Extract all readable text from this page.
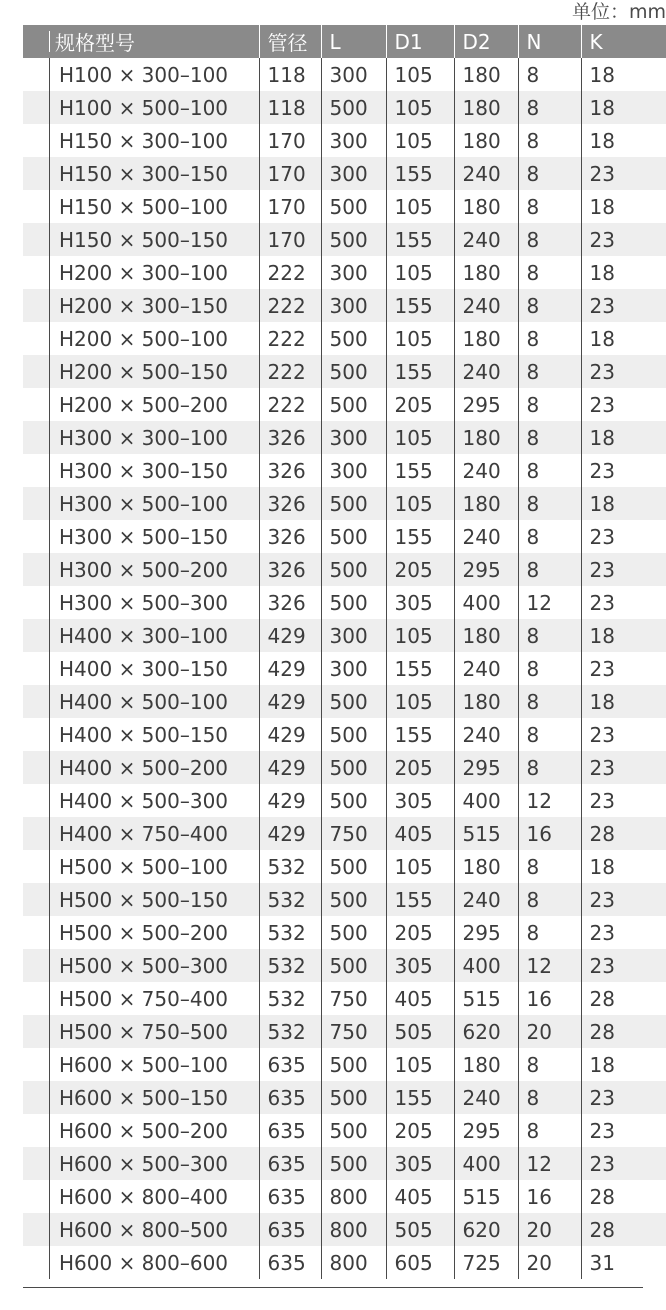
单位：mm
规格型号	管径	L	D1	D2	N	K
H100 × 300–100	118	300	105	180	8	18
H100 × 500–100	118	500	105	180	8	18
H150 × 300–100	170	300	105	180	8	18
H150 × 300–150	170	300	155	240	8	23
H150 × 500–100	170	500	105	180	8	18
H150 × 500–150	170	500	155	240	8	23
H200 × 300–100	222	300	105	180	8	18
H200 × 300–150	222	300	155	240	8	23
H200 × 500–100	222	500	105	180	8	18
H200 × 500–150	222	500	155	240	8	23
H200 × 500–200	222	500	205	295	8	23
H300 × 300–100	326	300	105	180	8	18
H300 × 300–150	326	300	155	240	8	23
H300 × 500–100	326	500	105	180	8	18
H300 × 500–150	326	500	155	240	8	23
H300 × 500–200	326	500	205	295	8	23
H300 × 500–300	326	500	305	400	12	23
H400 × 300–100	429	300	105	180	8	18
H400 × 300–150	429	300	155	240	8	23
H400 × 500–100	429	500	105	180	8	18
H400 × 500–150	429	500	155	240	8	23
H400 × 500–200	429	500	205	295	8	23
H400 × 500–300	429	500	305	400	12	23
H400 × 750–400	429	750	405	515	16	28
H500 × 500–100	532	500	105	180	8	18
H500 × 500–150	532	500	155	240	8	23
H500 × 500–200	532	500	205	295	8	23
H500 × 500–300	532	500	305	400	12	23
H500 × 750–400	532	750	405	515	16	28
H500 × 750–500	532	750	505	620	20	28
H600 × 500–100	635	500	105	180	8	18
H600 × 500–150	635	500	155	240	8	23
H600 × 500–200	635	500	205	295	8	23
H600 × 500–300	635	500	305	400	12	23
H600 × 800–400	635	800	405	515	16	28
H600 × 800–500	635	800	505	620	20	28
H600 × 800–600	635	800	605	725	20	31
